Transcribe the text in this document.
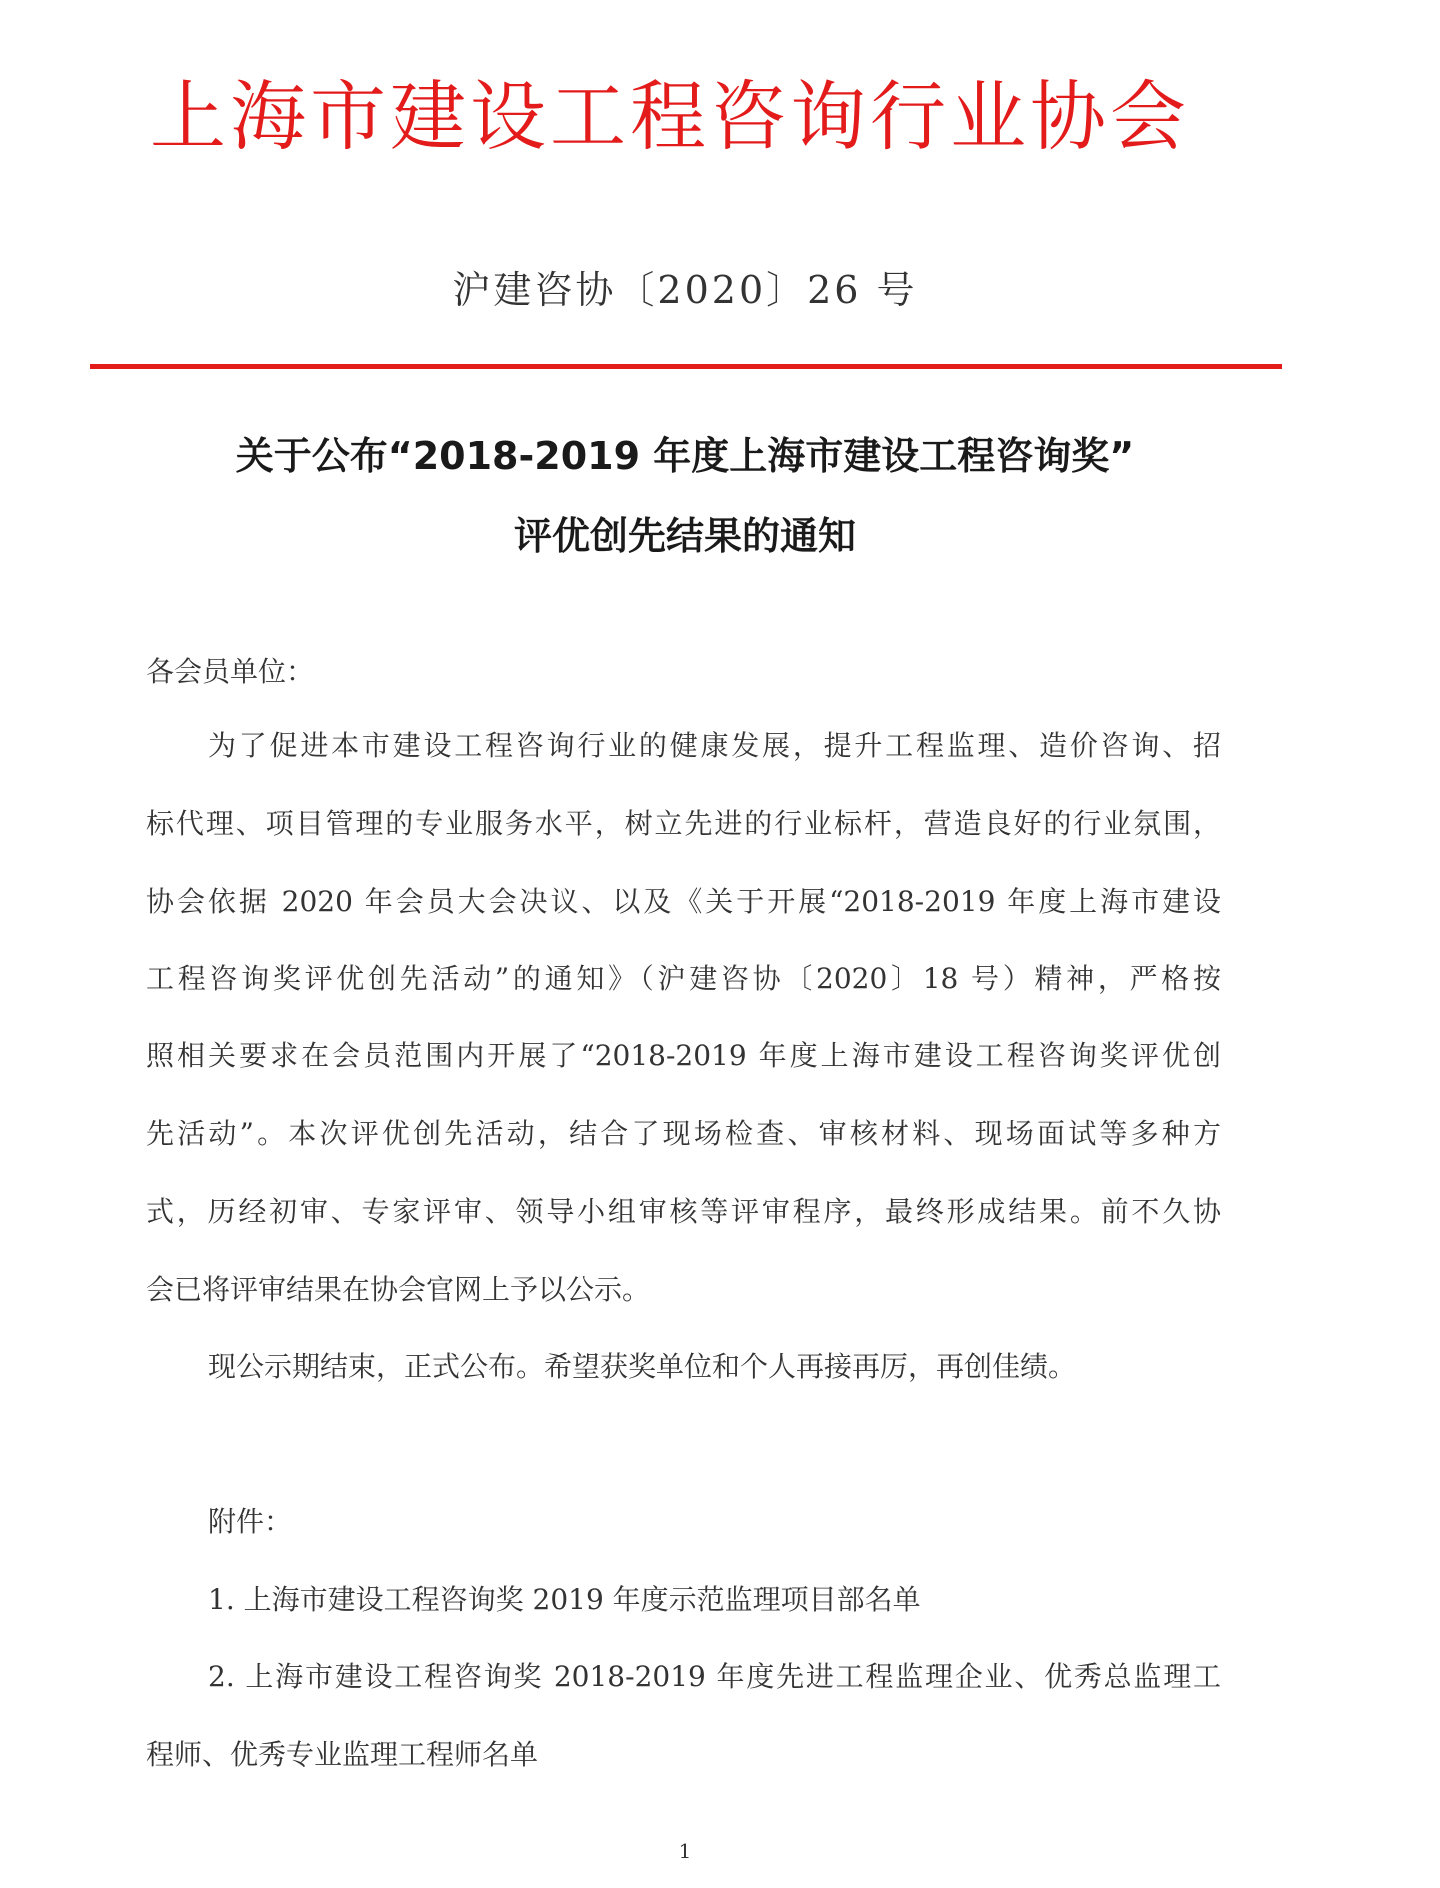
上海市建设工程咨询行业协会
沪建咨协〔2020〕26 号
关于公布“2018-2019 年度上海市建设工程咨询奖”
评优创先结果的通知
各会员单位：
为了促进本市建设工程咨询行业的健康发展，提升工程监理、造价咨询、招
标代理、项目管理的专业服务水平，树立先进的行业标杆，营造良好的行业氛围，
协会依据 2020 年会员大会决议、以及《关于开展“2018-2019 年度上海市建设
工程咨询奖评优创先活动”的通知》（沪建咨协〔2020〕18 号）精神，严格按
照相关要求在会员范围内开展了“2018-2019 年度上海市建设工程咨询奖评优创
先活动”。本次评优创先活动，结合了现场检查、审核材料、现场面试等多种方
式，历经初审、专家评审、领导小组审核等评审程序，最终形成结果。前不久协
会已将评审结果在协会官网上予以公示。
现公示期结束，正式公布。希望获奖单位和个人再接再厉，再创佳绩。
附件：
1. 上海市建设工程咨询奖 2019 年度示范监理项目部名单
2. 上海市建设工程咨询奖 2018-2019 年度先进工程监理企业、优秀总监理工
程师、优秀专业监理工程师名单
1
